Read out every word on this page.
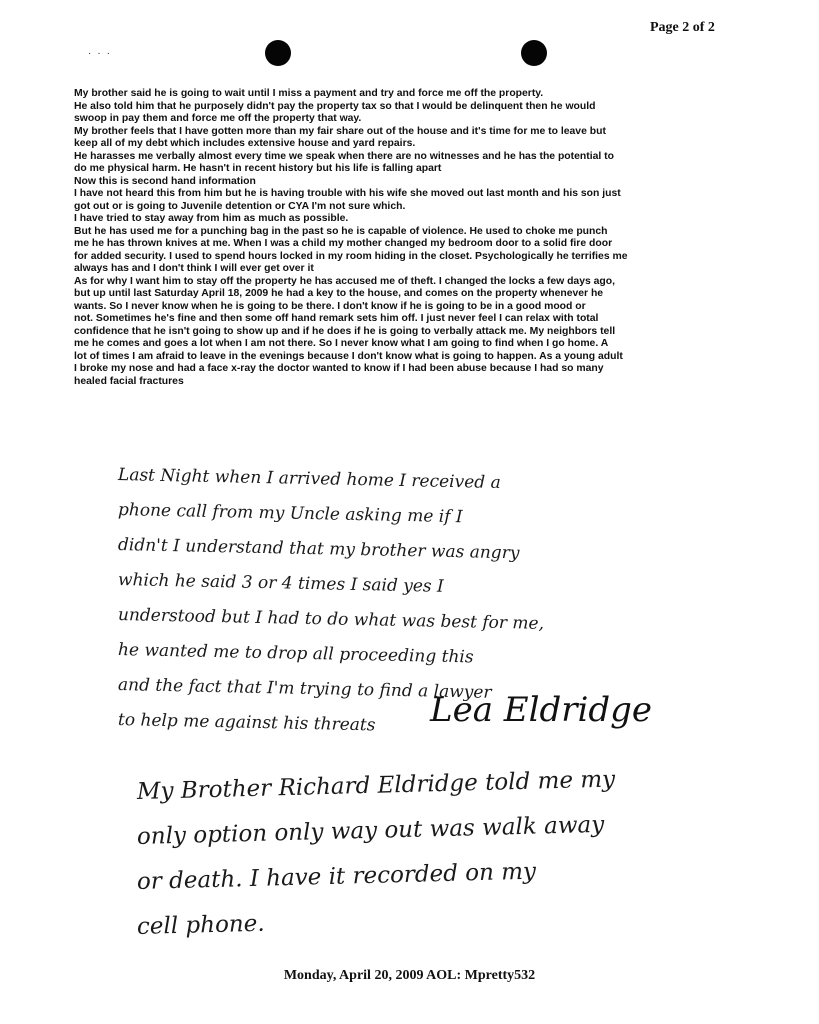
Page 2 of 2
·​·​·

My brother said he is going to wait until I miss a payment and try and force me off the property.

He also told him that he purposely didn't pay the property tax so that I would be delinquent then he would

swoop in pay them and force me off the property that way.

My brother feels that I have gotten more than my fair share out of the house and it's time for me to leave but

keep all of my debt which includes extensive house and yard repairs.

He harasses me verbally almost every time we speak when there are no witnesses and he has the potential to

do me physical harm. He hasn't in recent history but his life is falling apart

Now this is second hand information

I have not heard this from him but he is having trouble with his wife she moved out last month and his son just

got out or is going to Juvenile detention or CYA I'm not sure which.

I have tried to stay away from him as much as possible.

But he has used me for a punching bag in the past so he is capable of violence. He used to choke me punch

me he has thrown knives at me. When I was a child my mother changed my bedroom door to a solid fire door

for added security. I used to spend hours locked in my room hiding in the closet. Psychologically he terrifies me

always has and I don't think I will ever get over it

As for why I want him to stay off the property he has accused me of theft. I changed the locks a few days ago,

but up until last Saturday April 18, 2009 he had a key to the house, and comes on the property whenever he

wants. So I never know when he is going to be there. I don't know if he is going to be in a good mood or

not. Sometimes he's fine and then some off hand remark sets him off. I just never feel I can relax with total

confidence that he isn't going to show up and if he does if he is going to verbally attack me. My neighbors tell

me he comes and goes a lot when I am not there. So I never know what I am going to find when I go home. A

lot of times I am afraid to leave in the evenings because I don't know what is going to happen. As a young adult

I broke my nose and had a face x-ray the doctor wanted to know if I had been abuse because I had so many

healed facial fractures

Last Night when I arrived home I received a

phone call from my Uncle asking me if I

didn't I understand that my brother was angry

which he said 3 or 4 times I said yes I

understood but I had to do what was best for me,

he wanted me to drop all proceeding this

and the fact that I'm trying to find a lawyer

to help me against his threats	Lea Eldridge

My Brother Richard Eldridge told me my

only option only way out was walk away

or death. I have it recorded on my

cell phone.

Monday, April 20, 2009 AOL: Mpretty532
